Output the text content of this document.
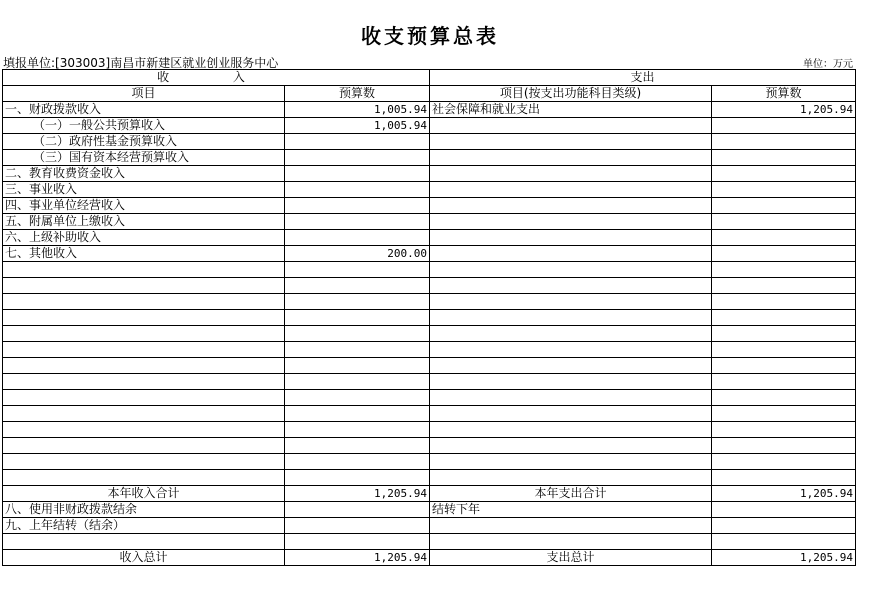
收支预算总表
填报单位:[303003]南昌市新建区就业创业服务中心	单位：万元
收 入		支出	
项目	预算数	项目(按支出功能科目类级)	预算数
一、财政拨款收入	1,005.94	社会保障和就业支出	1,205.94
（一）一般公共预算收入	1,005.94		
（二）政府性基金预算收入			
（三）国有资本经营预算收入			
二、教育收费资金收入			
三、事业收入			
四、事业单位经营收入			
五、附属单位上缴收入			
六、上级补助收入			
七、其他收入	200.00		

本年收入合计	1,205.94	本年支出合计	1,205.94
八、使用非财政拨款结余		结转下年	
九、上年结转（结余）			

收入总计	1,205.94	支出总计	1,205.94
